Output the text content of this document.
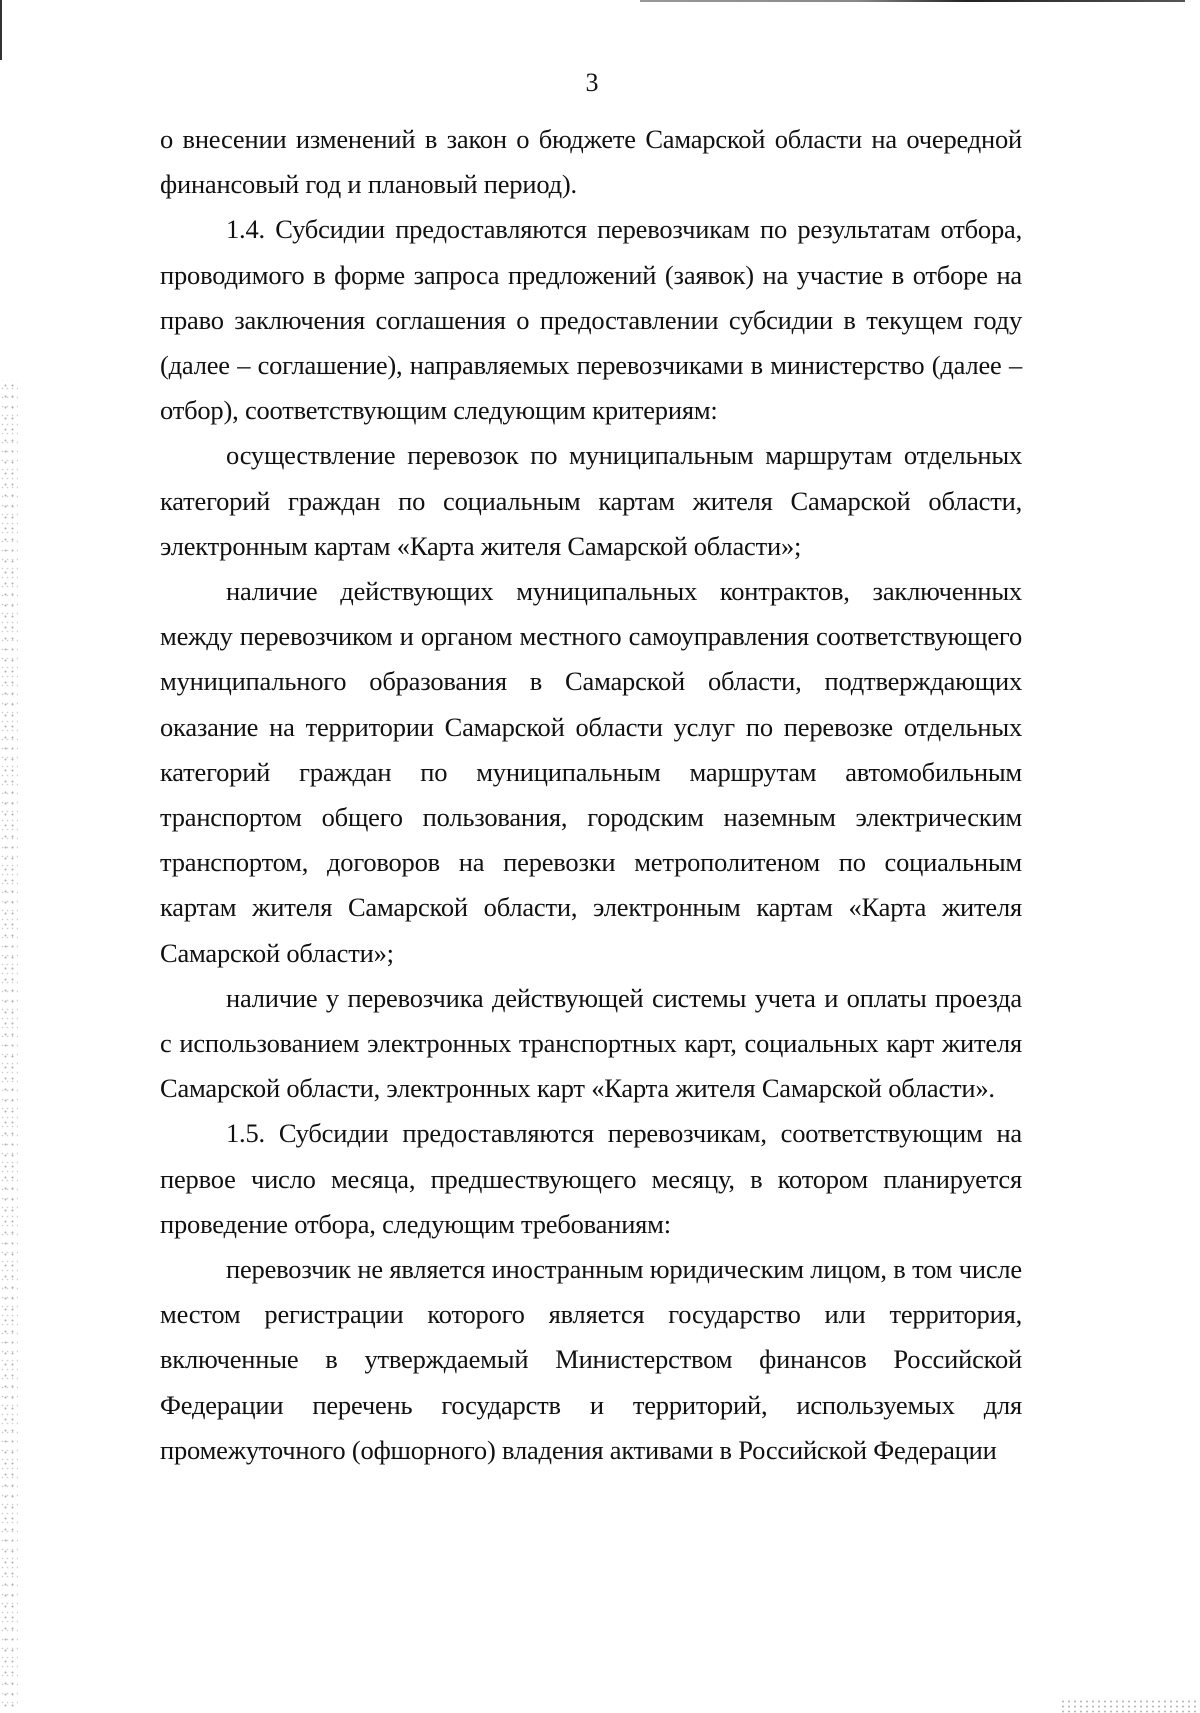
3

о внесении изменений в закон о бюджете Самарской области на очередной финансовый год и плановый период).

1.4. Субсидии предоставляются перевозчикам по результатам отбора, проводимого в форме запроса предложений (заявок) на участие в отборе на право заключения соглашения о предоставлении субсидии в текущем году (далее – соглашение), направляемых перевозчиками в министерство (далее – отбор), соответствующим следующим критериям:

осуществление перевозок по муниципальным маршрутам отдельных категорий граждан по социальным картам жителя Самарской области, электронным картам «Карта жителя Самарской области»;

наличие действующих муниципальных контрактов, заключенных между перевозчиком и органом местного самоуправления соответствующего муниципального образования в Самарской области, подтверждающих оказание на территории Самарской области услуг по перевозке отдельных категорий граждан по муниципальным маршрутам автомобильным транспортом общего пользования, городским наземным электрическим транспортом, договоров на перевозки метрополитеном по социальным картам жителя Самарской области, электронным картам «Карта жителя Самарской области»;

наличие у перевозчика действующей системы учета и оплаты проезда с использованием электронных транспортных карт, социальных карт жителя Самарской области, электронных карт «Карта жителя Самарской области».

1.5. Субсидии предоставляются перевозчикам, соответствующим на первое число месяца, предшествующего месяцу, в котором планируется проведение отбора, следующим требованиям:

перевозчик не является иностранным юридическим лицом, в том числе местом регистрации которого является государство или территория, включенные в утверждаемый Министерством финансов Российской Федерации перечень государств и территорий, используемых для промежуточного (офшорного) владения активами в Российской Федерации
